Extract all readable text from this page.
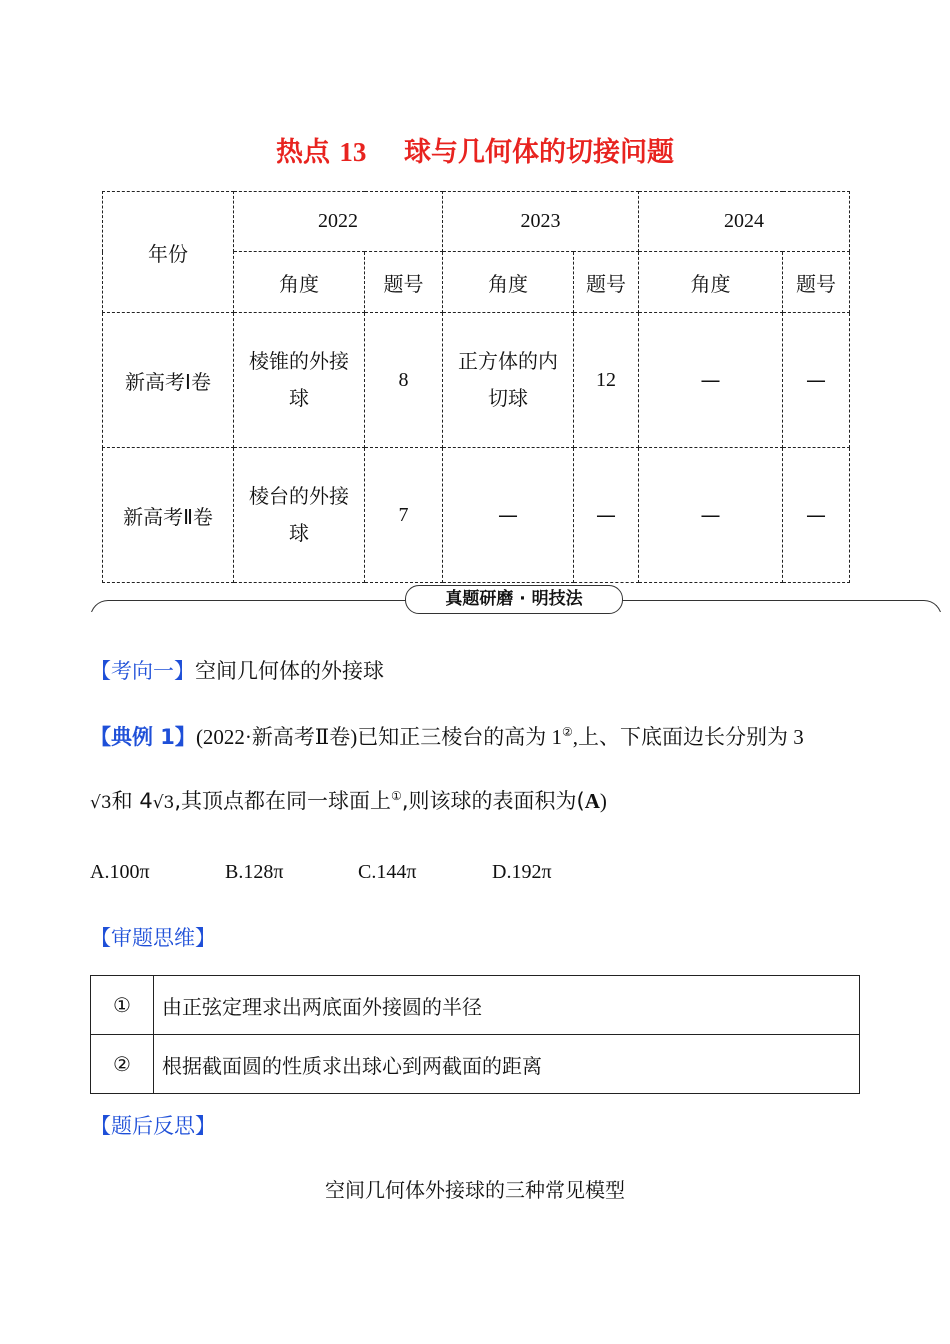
热点 13 球与几何体的切接问题
年份	2022		2023		2024	
	角度	题号	角度	题号	角度	题号
新高考Ⅰ卷	棱锥的外接球	8	正方体的内切球	12	—	—
新高考Ⅱ卷	棱台的外接球	7	—	—	—	—
真题研磨 · 明技法
【考向一】空间几何体的外接球
【典例 1】(2022·新高考Ⅱ卷)已知正三棱台的高为 1②,上、下底面边长分别为 3
√3和 4√3,其顶点都在同一球面上①,则该球的表面积为(A)
A.100π	B.128π	C.144π	D.192π
【审题思维】
①	由正弦定理求出两底面外接圆的半径
②	根据截面圆的性质求出球心到两截面的距离
【题后反思】
空间几何体外接球的三种常见模型
